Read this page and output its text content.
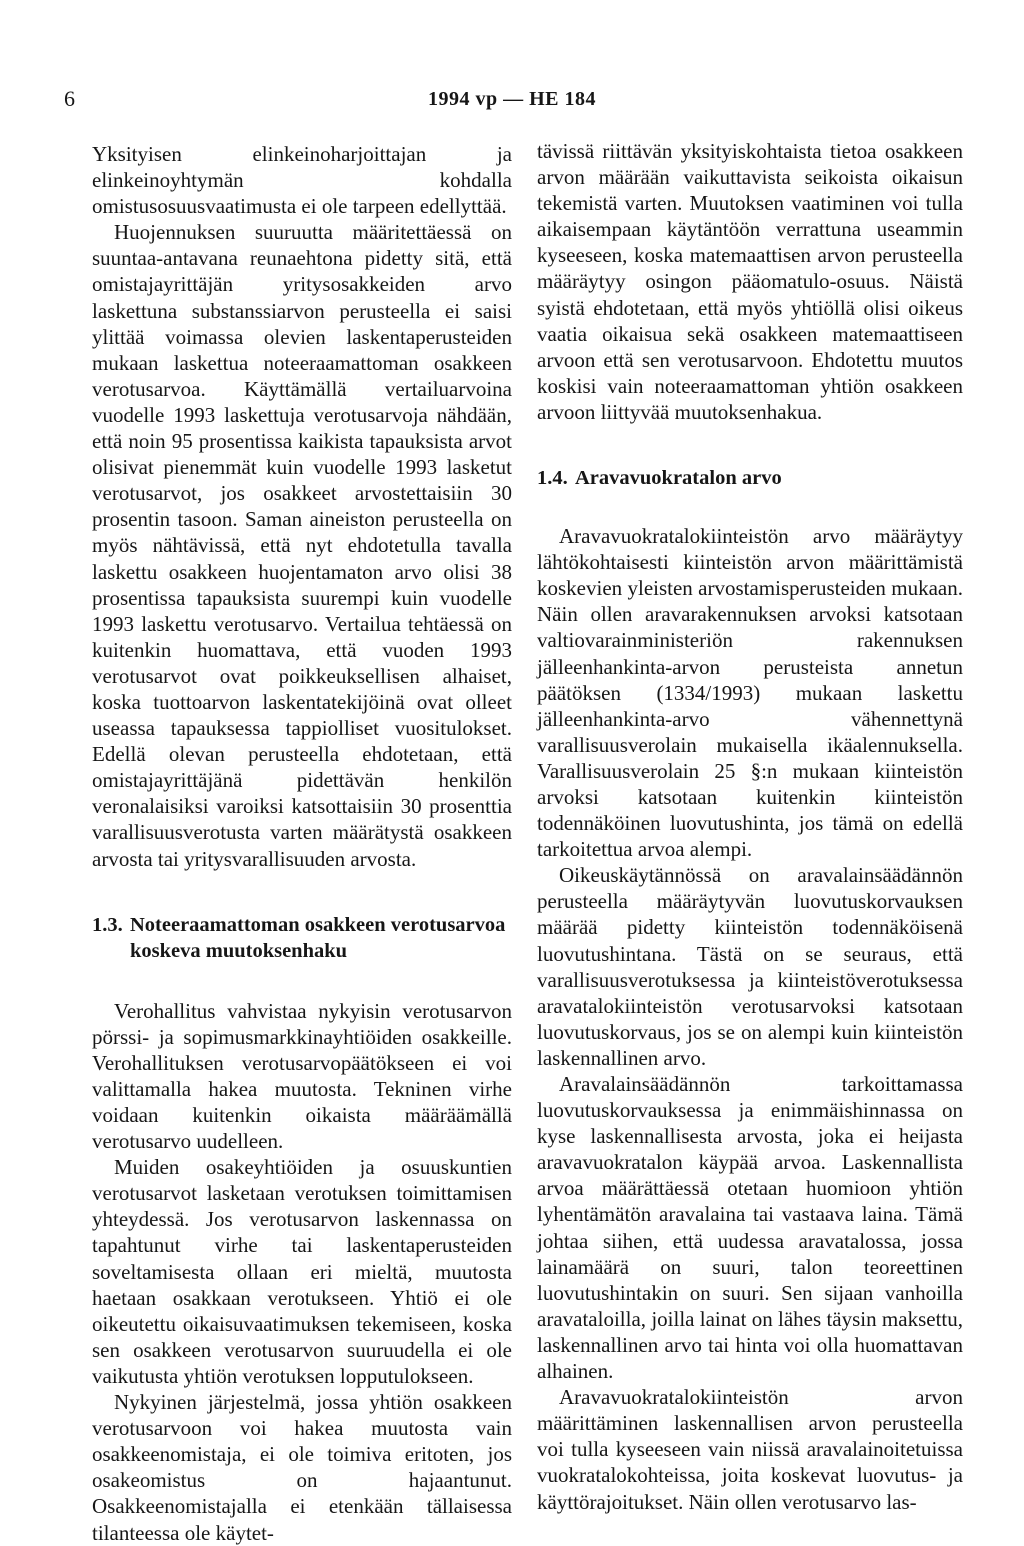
6	1994 vp — HE 184

Yksityisen elinkeinoharjoittajan ja elinkeinoyhtymän kohdalla omistusosuusvaatimusta ei ole tarpeen edellyttää.

Huojennuksen suuruutta määritettäessä on suuntaa-antavana reunaehtona pidetty sitä, että omistajayrittäjän yritysosakkeiden arvo laskettuna substanssiarvon perusteella ei saisi ylittää voimassa olevien laskentaperusteiden mukaan laskettua noteeraamattoman osakkeen verotusarvoa. Käyttämällä vertailuarvoina vuodelle 1993 laskettuja verotusarvoja nähdään, että noin 95 prosentissa kaikista tapauksista arvot olisivat pienemmät kuin vuodelle 1993 lasketut verotusarvot, jos osakkeet arvostettaisiin 30 prosentin tasoon. Saman aineiston perusteella on myös nähtävissä, että nyt ehdotetulla tavalla laskettu osakkeen huojentamaton arvo olisi 38 prosentissa tapauksista suurempi kuin vuodelle 1993 laskettu verotusarvo. Vertailua tehtäessä on kuitenkin huomattava, että vuoden 1993 verotusarvot ovat poikkeuksellisen alhaiset, koska tuottoarvon laskentatekijöinä ovat olleet useassa tapauksessa tappiolliset vuositulokset. Edellä olevan perusteella ehdotetaan, että omistajayrittäjänä pidettävän henkilön veronalaisiksi varoiksi katsottaisiin 30 prosenttia varallisuusverotusta varten määrätystä osakkeen arvosta tai yritysvarallisuuden arvosta.

1.3. Noteeraamattoman osakkeen verotusarvoa koskeva muutoksenhaku

Verohallitus vahvistaa nykyisin verotusarvon pörssi- ja sopimusmarkkinayhtiöiden osakkeille. Verohallituksen verotusarvopäätökseen ei voi valittamalla hakea muutosta. Tekninen virhe voidaan kuitenkin oikaista määräämällä verotusarvo uudelleen.

Muiden osakeyhtiöiden ja osuuskuntien verotusarvot lasketaan verotuksen toimittamisen yhteydessä. Jos verotusarvon laskennassa on tapahtunut virhe tai laskentaperusteiden soveltamisesta ollaan eri mieltä, muutosta haetaan osakkaan verotukseen. Yhtiö ei ole oikeutettu oikaisuvaatimuksen tekemiseen, koska sen osakkeen verotusarvon suuruudella ei ole vaikutusta yhtiön verotuksen lopputulokseen.

Nykyinen järjestelmä, jossa yhtiön osakkeen verotusarvoon voi hakea muutosta vain osakkeenomistaja, ei ole toimiva eritoten, jos osakeomistus on hajaantunut. Osakkeenomistajalla ei etenkään tällaisessa tilanteessa ole käytet-

tävissä riittävän yksityiskohtaista tietoa osakkeen arvon määrään vaikuttavista seikoista oikaisun tekemistä varten. Muutoksen vaatiminen voi tulla aikaisempaan käytäntöön verrattuna useammin kyseeseen, koska matemaattisen arvon perusteella määräytyy osingon pääomatulo-osuus. Näistä syistä ehdotetaan, että myös yhtiöllä olisi oikeus vaatia oikaisua sekä osakkeen matemaattiseen arvoon että sen verotusarvoon. Ehdotettu muutos koskisi vain noteeraamattoman yhtiön osakkeen arvoon liittyvää muutoksenhakua.

1.4. Aravavuokratalon arvo

Aravavuokratalokiinteistön arvo määräytyy lähtökohtaisesti kiinteistön arvon määrittämistä koskevien yleisten arvostamisperusteiden mukaan. Näin ollen aravarakennuksen arvoksi katsotaan valtiovarainministeriön rakennuksen jälleenhankinta-arvon perusteista annetun päätöksen (1334/1993) mukaan laskettu jälleenhankinta-arvo vähennettynä varallisuusverolain mukaisella ikäalennuksella. Varallisuusverolain 25 §:n mukaan kiinteistön arvoksi katsotaan kuitenkin kiinteistön todennäköinen luovutushinta, jos tämä on edellä tarkoitettua arvoa alempi.

Oikeuskäytännössä on aravalainsäädännön perusteella määräytyvän luovutuskorvauksen määrää pidetty kiinteistön todennäköisenä luovutushintana. Tästä on se seuraus, että varallisuusverotuksessa ja kiinteistöverotuksessa aravatalokiinteistön verotusarvoksi katsotaan luovutuskorvaus, jos se on alempi kuin kiinteistön laskennallinen arvo.

Aravalainsäädännön tarkoittamassa luovutuskorvauksessa ja enimmäishinnassa on kyse laskennallisesta arvosta, joka ei heijasta aravavuokratalon käypää arvoa. Laskennallista arvoa määrättäessä otetaan huomioon yhtiön lyhentämätön aravalaina tai vastaava laina. Tämä johtaa siihen, että uudessa aravatalossa, jossa lainamäärä on suuri, talon teoreettinen luovutushintakin on suuri. Sen sijaan vanhoilla aravataloilla, joilla lainat on lähes täysin maksettu, laskennallinen arvo tai hinta voi olla huomattavan alhainen.

Aravavuokratalokiinteistön arvon määrittäminen laskennallisen arvon perusteella voi tulla kyseeseen vain niissä aravalainoitetuissa vuokratalokohteissa, joita koskevat luovutus- ja käyttörajoitukset. Näin ollen verotusarvo las-
